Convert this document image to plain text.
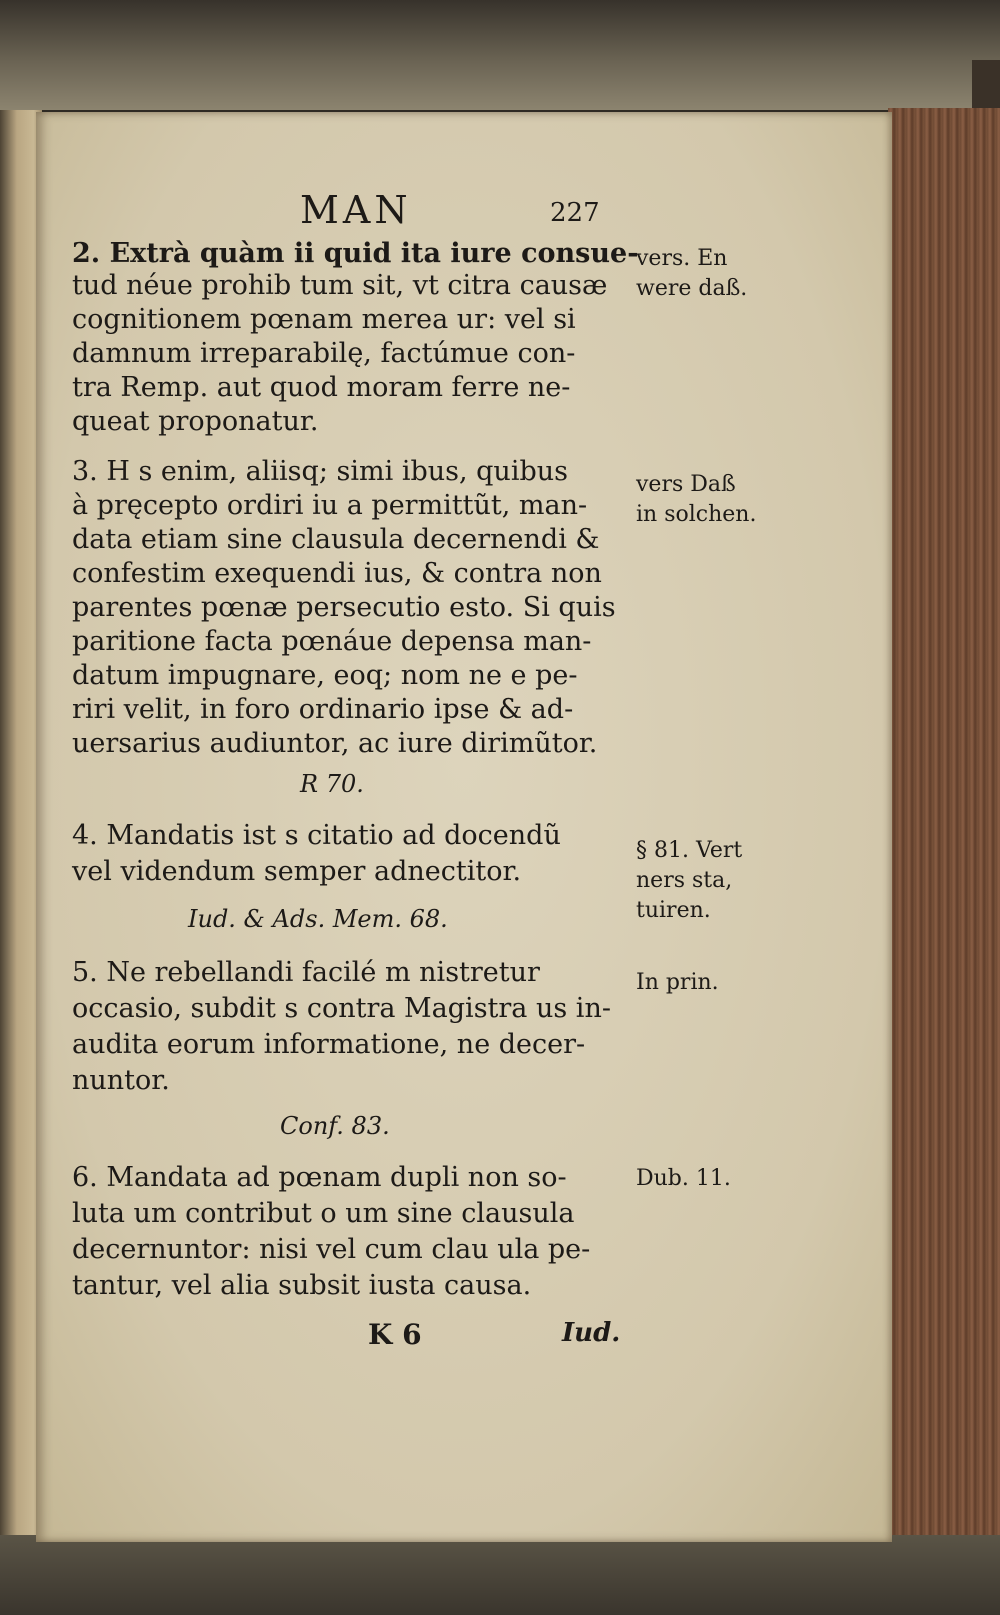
MAN	227
2. Extrà quàm ii quid ita iure consue-
tud néue prohib tum sit, vt citra causæ
cognitionem pœnam merea ur: vel si
damnum irreparabilę, factúmue con-
tra Remp. aut quod moram ferre ne-
queat proponatur.
3. H s enim, aliisq; simi ibus, quibus
à pręcepto ordiri iu a permittũt, man-
data etiam sine clausula decernendi &
confestim exequendi ius, & contra non
parentes pœnæ persecutio esto. Si quis
paritione facta pœnáue depensa man-
datum impugnare, eoq; nom ne e pe-
riri velit, in foro ordinario ipse & ad-
uersarius audiuntor, ac iure dirimũtor.
R 70.
4. Mandatis ist s citatio ad docendũ
vel videndum semper adnectitor.
Iud. & Ads. Mem. 68.
5. Ne rebellandi facilé m nistretur
occasio, subdit s contra Magistra us in-
audita eorum informatione, ne decer-
nuntor.
Conf. 83.
6. Mandata ad pœnam dupli non so-
luta um contribut o um sine clausula
decernuntor: nisi vel cum clau ula pe-
tantur, vel alia subsit iusta causa.
vers. En
were daß.
vers Daß
in solchen.
§ 81. Vert
ners sta,
tuiren.
In prin.
Dub. 11.
K 6	Iud.
